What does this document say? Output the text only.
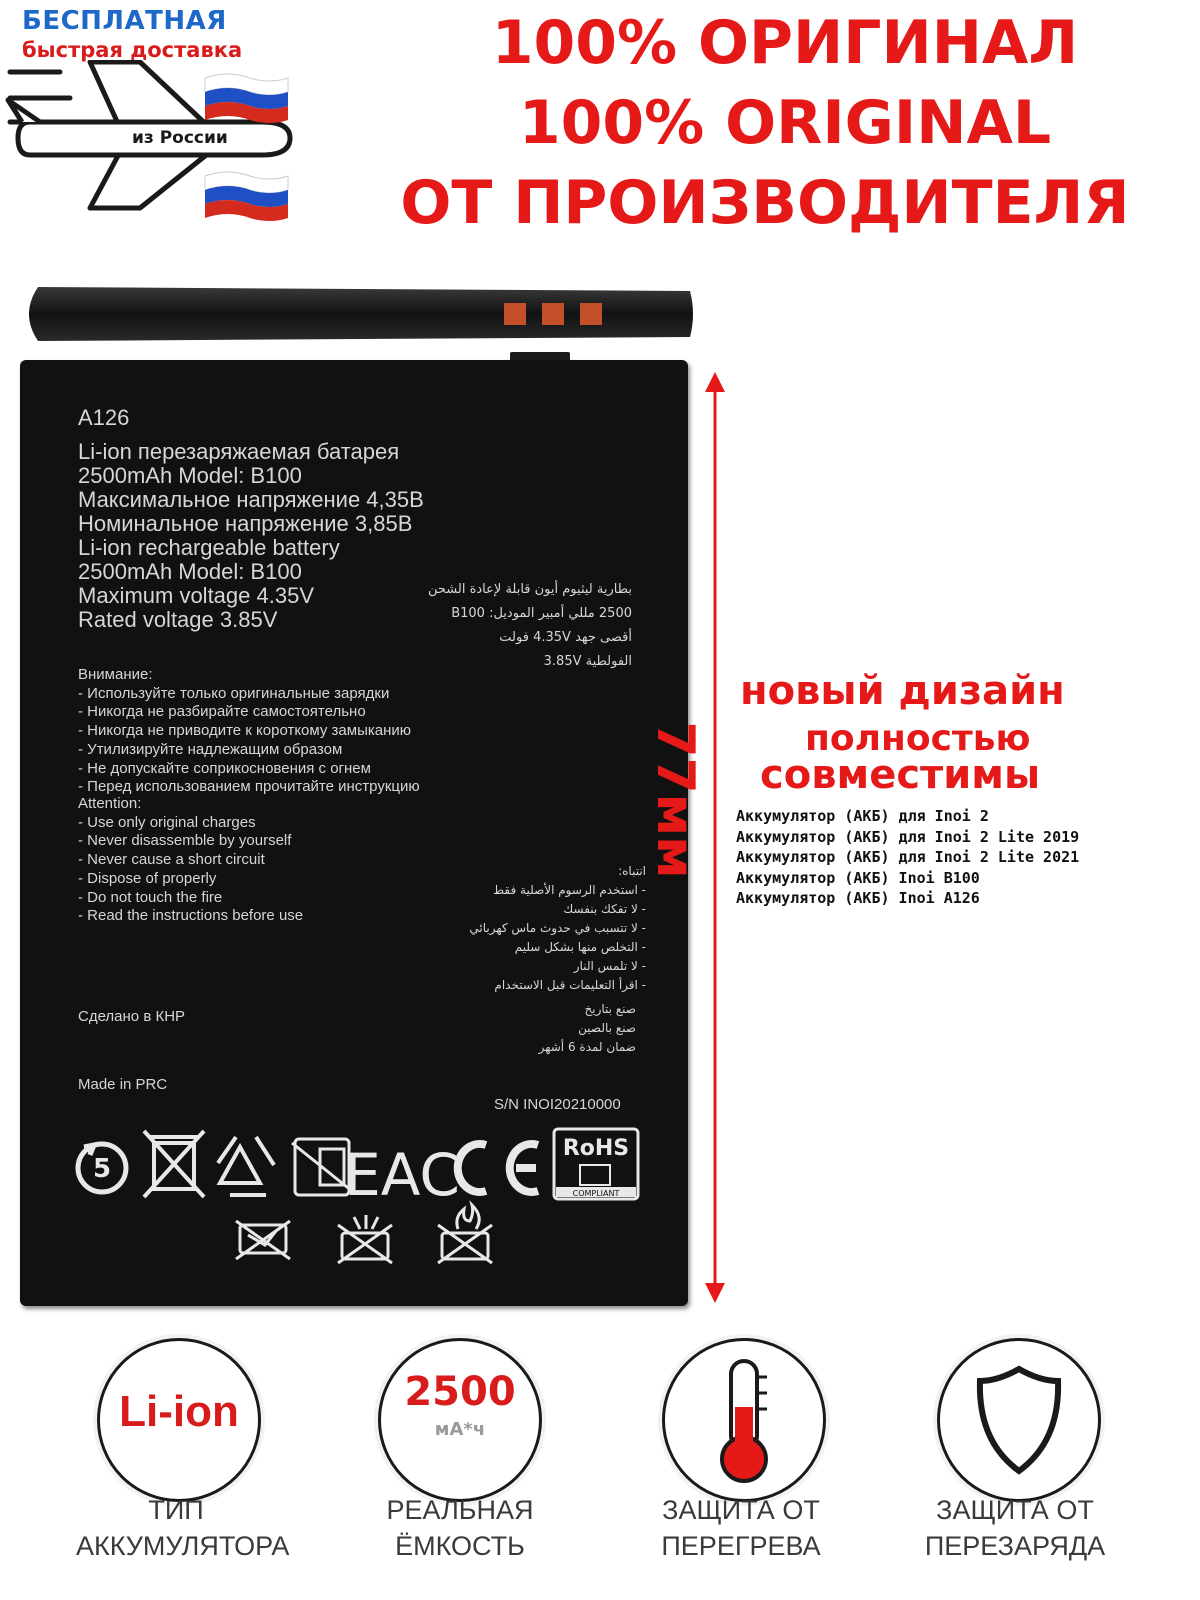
БЕСПЛАТНАЯ
быстрая доставка
из России
100% ОРИГИНАЛ
100% ORIGINAL
ОТ ПРОИЗВОДИТЕЛЯ
A126
Li-ion перезаряжаемая батарея
2500mAh Model: B100
Максимальное напряжение 4,35В
Номинальное напряжение 3,85В
Li-ion rechargeable battery
2500mAh Model: B100
Maximum voltage 4.35V
Rated voltage 3.85V
بطارية ليثيوم أيون قابلة لإعادة الشحن
2500 مللي أمبير الموديل: B100
أقصى جهد 4.35V فولت
الفولطية 3.85V
Внимание:
- Используйте только оригинальные зарядки
- Никогда не разбирайте самостоятельно
- Никогда не приводите к короткому замыканию
- Утилизируйте надлежащим образом
- Не допускайте соприкосновения с огнем
- Перед использованием прочитайте инструкцию
Attention:
- Use only original charges
- Never disassemble by yourself
- Never cause a short circuit
- Dispose of properly
- Do not touch the fire
- Read the instructions before use
انتباه:
- استخدم الرسوم الأصلية فقط
- لا تفكك بنفسك
- لا تتسبب في حدوث ماس كهربائي
- التخلص منها بشكل سليم
- لا تلمس النار
- اقرأ التعليمات قبل الاستخدام
Сделано в КНР
Made in PRC
صنع بتاريخ
صنع بالصين
ضمان لمدة 6 أشهر
S/N INOI20210000
5	EAC	RoHS
COMPLIANT
77мм
новый дизайн
полностью
совместимы
Аккумулятор (АКБ) для Inoi 2
Аккумулятор (АКБ) для Inoi 2 Lite 2019
Аккумулятор (АКБ) для Inoi 2 Lite 2021
Аккумулятор (АКБ) Inoi B100
Аккумулятор (АКБ) Inoi A126
Li-ion
ТИП
АККУМУЛЯТОРА
2500
мА*ч
РЕАЛЬНАЯ
ЁМКОСТЬ
ЗАЩИТА ОТ
ПЕРЕГРЕВА
ЗАЩИТА ОТ
ПЕРЕЗАРЯДА
